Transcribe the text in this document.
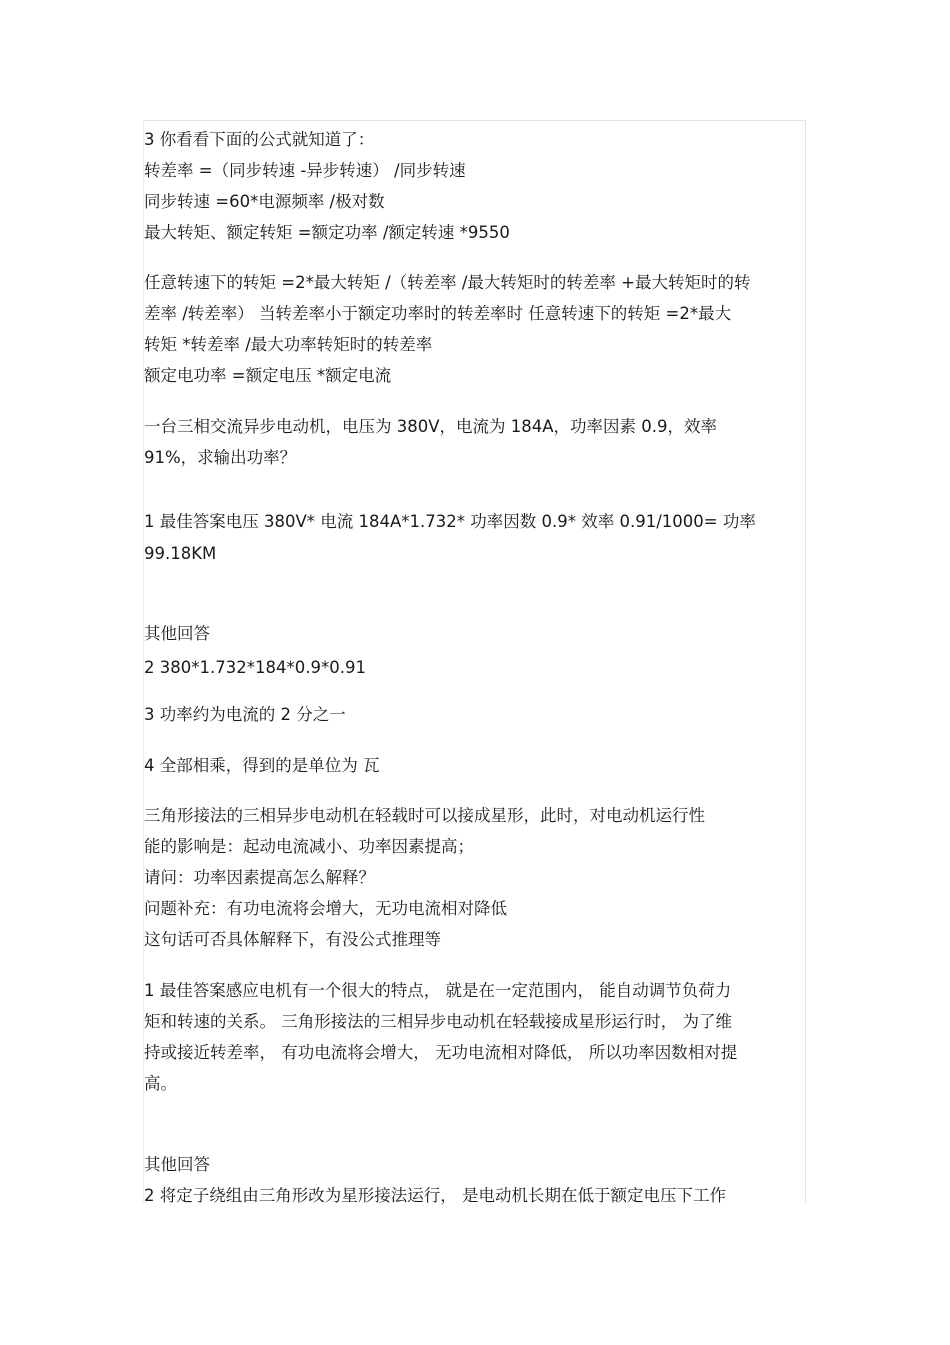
3 你看看下面的公式就知道了：
转差率 =（同步转速 -异步转速） /同步转速
同步转速 =60*电源频率 /极对数
最大转矩、额定转矩 =额定功率 /额定转速 *9550
任意转速下的转矩 =2*最大转矩 /（转差率 /最大转矩时的转差率 +最大转矩时的转
差率 /转差率） 当转差率小于额定功率时的转差率时 任意转速下的转矩 =2*最大
转矩 *转差率 /最大功率转矩时的转差率
额定电功率 =额定电压 *额定电流
一台三相交流异步电动机，电压为 380V，电流为 184A，功率因素 0.9，效率
91%，求输出功率？
1 最佳答案电压 380V* 电流 184A*1.732* 功率因数 0.9* 效率 0.91/1000= 功率
99.18KM
其他回答
2 380*1.732*184*0.9*0.91
3 功率约为电流的 2 分之一
4 全部相乘，得到的是单位为 瓦
三角形接法的三相异步电动机在轻载时可以接成星形，此时，对电动机运行性
能的影响是：起动电流减小、功率因素提高；
请问：功率因素提高怎么解释？
问题补充：有功电流将会增大，无功电流相对降低
这句话可否具体解释下，有没公式推理等
1 最佳答案感应电机有一个很大的特点， 就是在一定范围内， 能自动调节负荷力
矩和转速的关系。 三角形接法的三相异步电动机在轻载接成星形运行时， 为了维
持或接近转差率， 有功电流将会增大， 无功电流相对降低， 所以功率因数相对提
高。
其他回答
2 将定子绕组由三角形改为星形接法运行， 是电动机长期在低于额定电压下工作
